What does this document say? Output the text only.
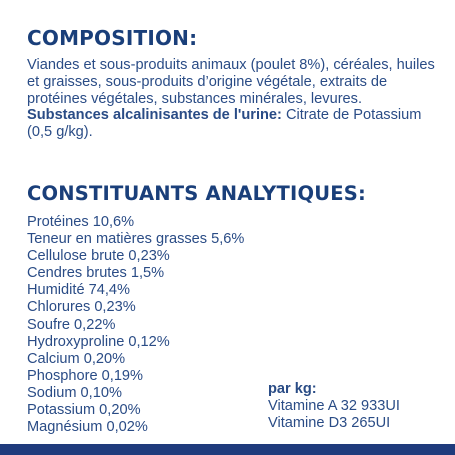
COMPOSITION:

Viandes et sous-produits animaux (poulet 8%), céréales, huiles et graisses, sous-produits d’origine végétale, extraits de protéines végétales, substances minérales, levures.

Substances alcalinisantes de l'urine: Citrate de Potassium (0,5 g/kg).

CONSTITUANTS ANALYTIQUES:
Protéines 10,6%
Teneur en matières grasses 5,6%
Cellulose brute 0,23%
Cendres brutes 1,5%
Humidité 74,4%
Chlorures 0,23%
Soufre 0,22%
Hydroxyproline 0,12%
Calcium 0,20%
Phosphore 0,19%
Sodium 0,10%
Potassium 0,20%
Magnésium 0,02%
par kg:
Vitamine A 32 933UI
Vitamine D3 265UI
